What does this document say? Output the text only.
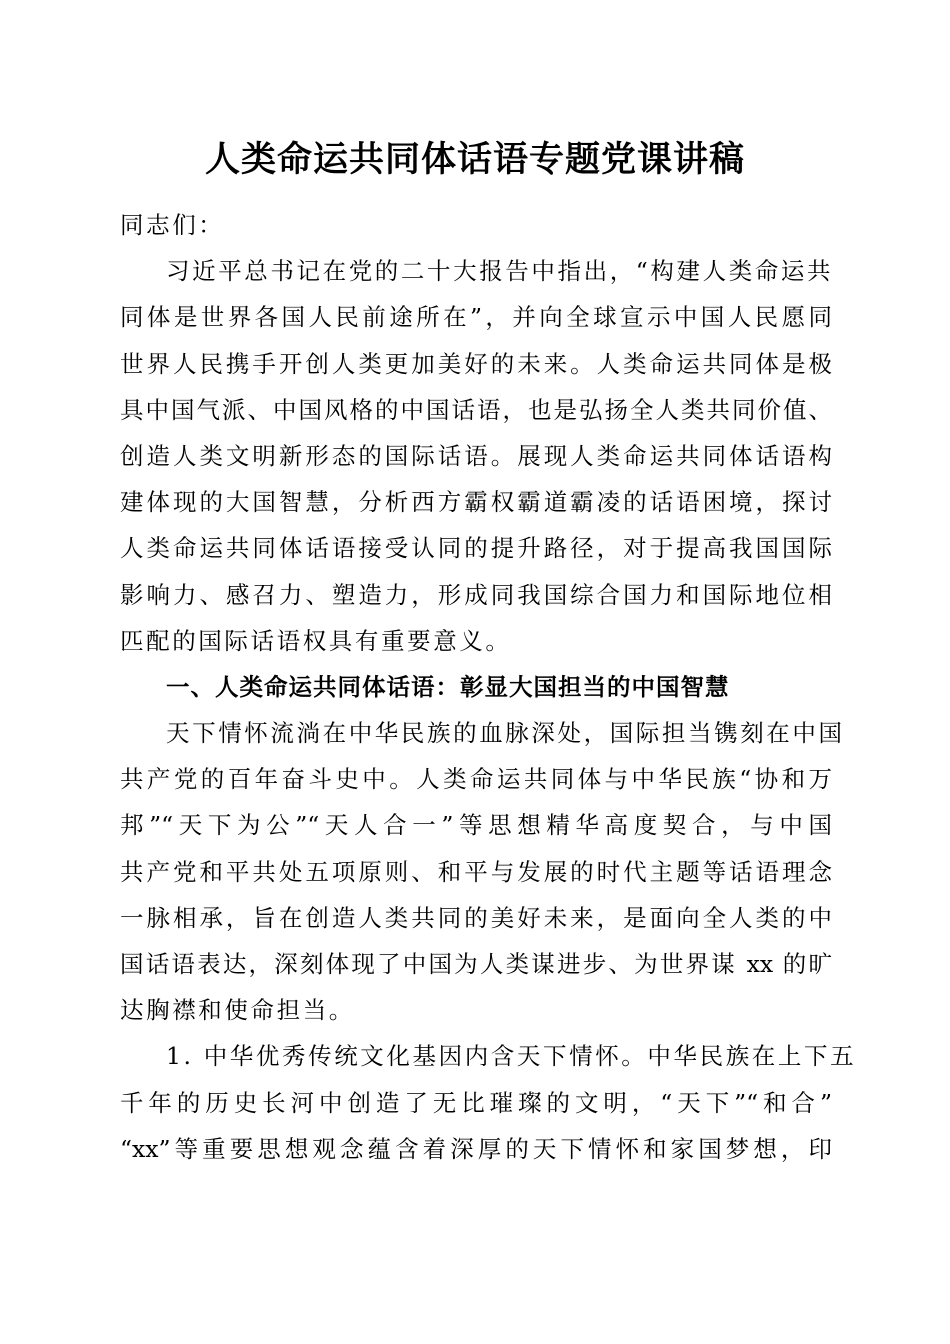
人类命运共同体话语专题党课讲稿
同志们：
习近平总书记在党的二十大报告中指出，“构建人类命运共
同体是世界各国人民前途所在”，并向全球宣示中国人民愿同
世界人民携手开创人类更加美好的未来。人类命运共同体是极
具中国气派、中国风格的中国话语，也是弘扬全人类共同价值、
创造人类文明新形态的国际话语。展现人类命运共同体话语构
建体现的大国智慧，分析西方霸权霸道霸凌的话语困境，探讨
人类命运共同体话语接受认同的提升路径，对于提高我国国际
影响力、感召力、塑造力，形成同我国综合国力和国际地位相
匹配的国际话语权具有重要意义。
一、人类命运共同体话语：彰显大国担当的中国智慧
天下情怀流淌在中华民族的血脉深处，国际担当镌刻在中国
共产党的百年奋斗史中。人类命运共同体与中华民族“协和万
邦”“天下为公”“天人合一”等思想精华高度契合，与中国
共产党和平共处五项原则、和平与发展的时代主题等话语理念
一脉相承，旨在创造人类共同的美好未来，是面向全人类的中
国话语表达，深刻体现了中国为人类谋进步、为世界谋 xx 的旷
达胸襟和使命担当。
1. 中华优秀传统文化基因内含天下情怀。中华民族在上下五
千年的历史长河中创造了无比璀璨的文明，“天下”“和合”
“xx”等重要思想观念蕴含着深厚的天下情怀和家国梦想，印
